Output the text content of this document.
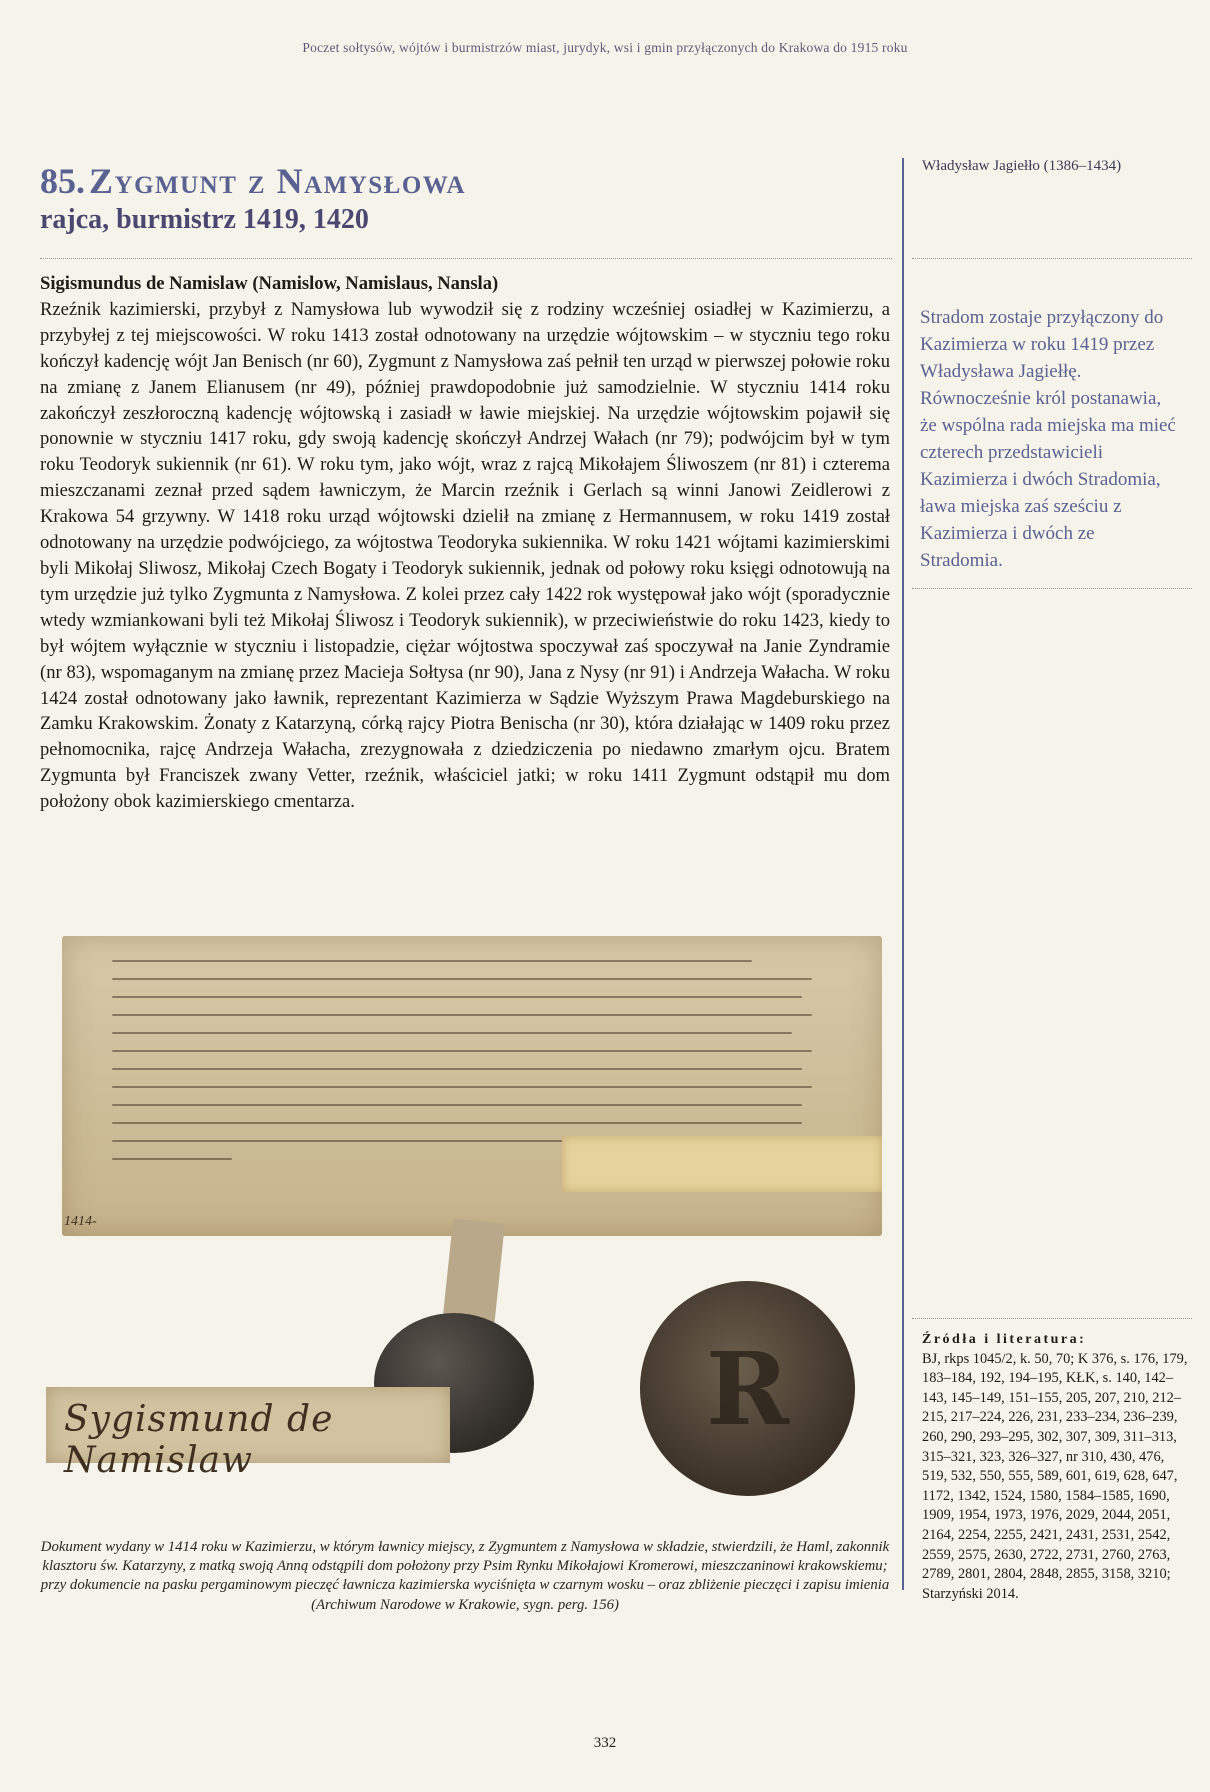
Poczet sołtysów, wójtów i burmistrzów miast, jurydyk, wsi i gmin przyłączonych do Krakowa do 1915 roku
85. Zygmunt z Namysłowa
rajca, burmistrz 1419, 1420
Władysław Jagiełło (1386–1434)
Sigismundus de Namislaw (Namislow, Namislaus, Nansla)
Rzeźnik kazimierski, przybył z Namysłowa lub wywodził się z rodziny wcześniej osiadłej w Kazimierzu, a przybyłej z tej miejscowości. W roku 1413 został odnotowany na urzędzie wójtowskim – w styczniu tego roku kończył kadencję wójt Jan Benisch (nr 60), Zygmunt z Namysłowa zaś pełnił ten urząd w pierwszej połowie roku na zmianę z Janem Elianusem (nr 49), później prawdopodobnie już samodzielnie. W styczniu 1414 roku zakończył zeszłoroczną kadencję wójtowską i zasiadł w ławie miejskiej. Na urzędzie wójtowskim pojawił się ponownie w styczniu 1417 roku, gdy swoją kadencję skończył Andrzej Wałach (nr 79); podwójcim był w tym roku Teodoryk sukiennik (nr 61). W roku tym, jako wójt, wraz z rajcą Mikołajem Śliwoszem (nr 81) i czterema mieszczanami zeznał przed sądem ławniczym, że Marcin rzeźnik i Gerlach są winni Janowi Zeidlerowi z Krakowa 54 grzywny. W 1418 roku urząd wójtowski dzielił na zmianę z Hermannusem, w roku 1419 został odnotowany na urzędzie podwójciego, za wójtostwa Teodoryka sukiennika. W roku 1421 wójtami kazimierskimi byli Mikołaj Sliwosz, Mikołaj Czech Bogaty i Teodoryk sukiennik, jednak od połowy roku księgi odnotowują na tym urzędzie już tylko Zygmunta z Namysłowa. Z kolei przez cały 1422 rok występował jako wójt (sporadycznie wtedy wzmiankowani byli też Mikołaj Śliwosz i Teodoryk sukiennik), w przeciwieństwie do roku 1423, kiedy to był wójtem wyłącznie w styczniu i listopadzie, ciężar wójtostwa spoczywał zaś spoczywał na Janie Zyndramie (nr 83), wspomaganym na zmianę przez Macieja Sołtysa (nr 90), Jana z Nysy (nr 91) i Andrzeja Wałacha. W roku 1424 został odnotowany jako ławnik, reprezentant Kazimierza w Sądzie Wyższym Prawa Magdeburskiego na Zamku Krakowskim. Żonaty z Katarzyną, córką rajcy Piotra Benischa (nr 30), która działając w 1409 roku przez pełnomocnika, rajcę Andrzeja Wałacha, zrezygnowała z dziedziczenia po niedawno zmarłym ojcu. Bratem Zygmunta był Franciszek zwany Vetter, rzeźnik, właściciel jatki; w roku 1411 Zygmunt odstąpił mu dom położony obok kazimierskiego cmentarza.
Stradom zostaje przyłączony do Kazimierza w roku 1419 przez Władysława Jagiełłę. Równocześnie król postanawia, że wspólna rada miejska ma mieć czterech przedstawicieli Kazimierza i dwóch Stradomia, ława miejska zaś sześciu z Kazimierza i dwóch ze Stradomia.
1414-
R
Sygismund de Namislaw
Dokument wydany w 1414 roku w Kazimierzu, w którym ławnicy miejscy, z Zygmuntem z Namysłowa w składzie, stwierdzili, że Haml, zakonnik klasztoru św. Katarzyny, z matką swoją Anną odstąpili dom położony przy Psim Rynku Mikołajowi Kromerowi, mieszczaninowi krakowskiemu; przy dokumencie na pasku pergaminowym pieczęć ławnicza kazimierska wyciśnięta w czarnym wosku – oraz zbliżenie pieczęci i zapisu imienia
(Archiwum Narodowe w Krakowie, sygn. perg. 156)
Źródła i literatura:
BJ, rkps 1045/2, k. 50, 70; K 376, s. 176, 179, 183–184, 192, 194–195, KŁK, s. 140, 142–143, 145–149, 151–155, 205, 207, 210, 212–215, 217–224, 226, 231, 233–234, 236–239, 260, 290, 293–295, 302, 307, 309, 311–313, 315–321, 323, 326–327, nr 310, 430, 476, 519, 532, 550, 555, 589, 601, 619, 628, 647, 1172, 1342, 1524, 1580, 1584–1585, 1690, 1909, 1954, 1973, 1976, 2029, 2044, 2051, 2164, 2254, 2255, 2421, 2431, 2531, 2542, 2559, 2575, 2630, 2722, 2731, 2760, 2763, 2789, 2801, 2804, 2848, 2855, 3158, 3210; Starzyński 2014.
332
